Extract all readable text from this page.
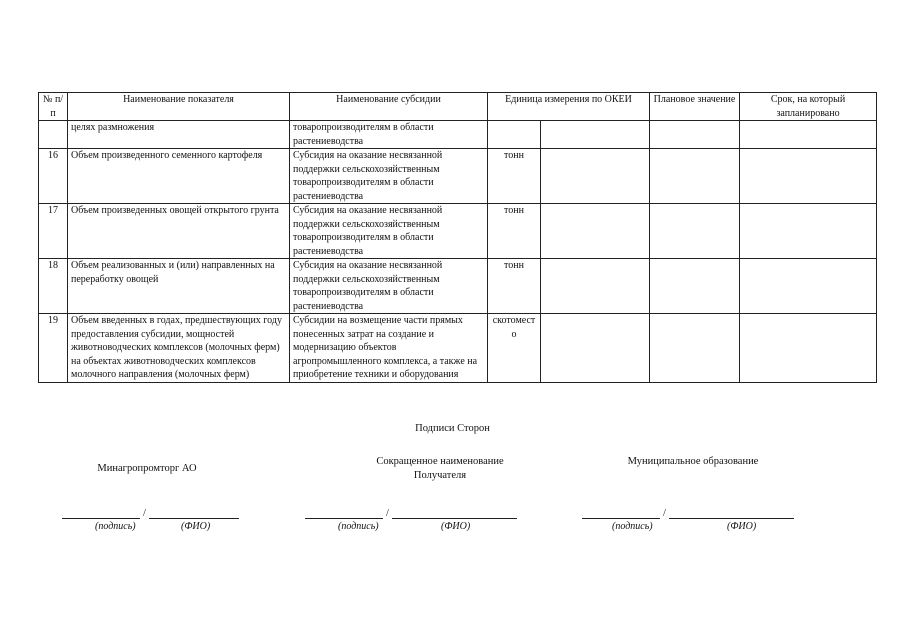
№ п/п	Наименование показателя	Наименование субсидии	Единица измерения по ОКЕИ		Плановое значение	Срок, на который запланировано
	целях размножения	товаропроизводителям в области растениеводства				
16	Объем произведенного семенного картофеля	Субсидия на оказание несвязанной поддержки сельскохозяйственным товаропроизводителям в области растениеводства	тонн			
17	Объем произведенных овощей открытого грунта	Субсидия на оказание несвязанной поддержки сельскохозяйственным товаропроизводителям в области растениеводства	тонн			
18	Объем реализованных и (или) направленных на переработку овощей	Субсидия на оказание несвязанной поддержки сельскохозяйственным товаропроизводителям в области растениеводства	тонн			
19	Объем введенных в годах, предшествующих году предоставления субсидии, мощностей животноводческих комплексов (молочных ферм) на объектах животноводческих комплексов молочного направления (молочных ферм)	Субсидии на возмещение части прямых понесенных затрат на создание и модернизацию объектов агропромышленного комплекса, а также на приобретение техники и оборудования	скотоместо			
Подписи Сторон
Минагропромторг АО
Сокращенное наименование Получателя
Муниципальное образование
/	/	/
(подпись)	(ФИО)	(подпись)	(ФИО)	(подпись)	(ФИО)
